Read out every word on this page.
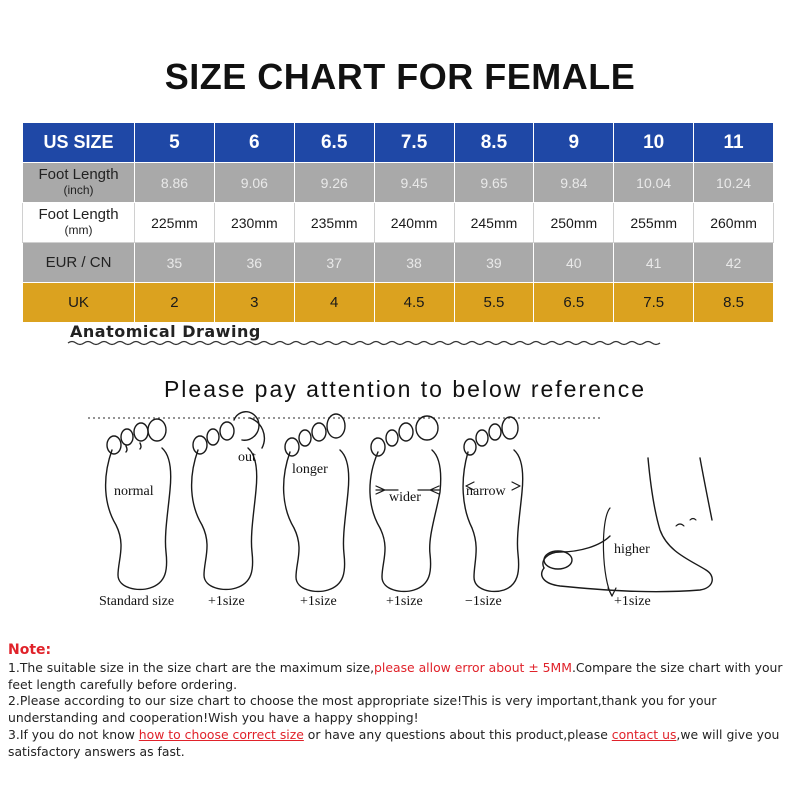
SIZE CHART FOR FEMALE
US SIZE	5	6	6.5	7.5	8.5	9	10	11
Foot Length
(inch)	8.86	9.06	9.26	9.45	9.65	9.84	10.04	10.24
Foot Length
(mm)	225mm	230mm	235mm	240mm	245mm	250mm	255mm	260mm
EUR / CN	35	36	37	38	39	40	41	42
UK	2	3	4	4.5	5.5	6.5	7.5	8.5
Anatomical Drawing
Please pay attention to below reference
normal
out
longer
wider	narrow
higher
Standard size +1size	+1size	+1size	−1size	+1size
Note:
1.The suitable size in the size chart are the maximum size,please allow error about ± 5MM.Compare the size chart with your feet length carefully before ordering.
2.Please according to our size chart to choose the most appropriate size!This is very important,thank you for your understanding and cooperation!Wish you have a happy shopping!
3.If you do not know how to choose correct size or have any questions about this product,please contact us,we will give you satisfactory answers as fast.
